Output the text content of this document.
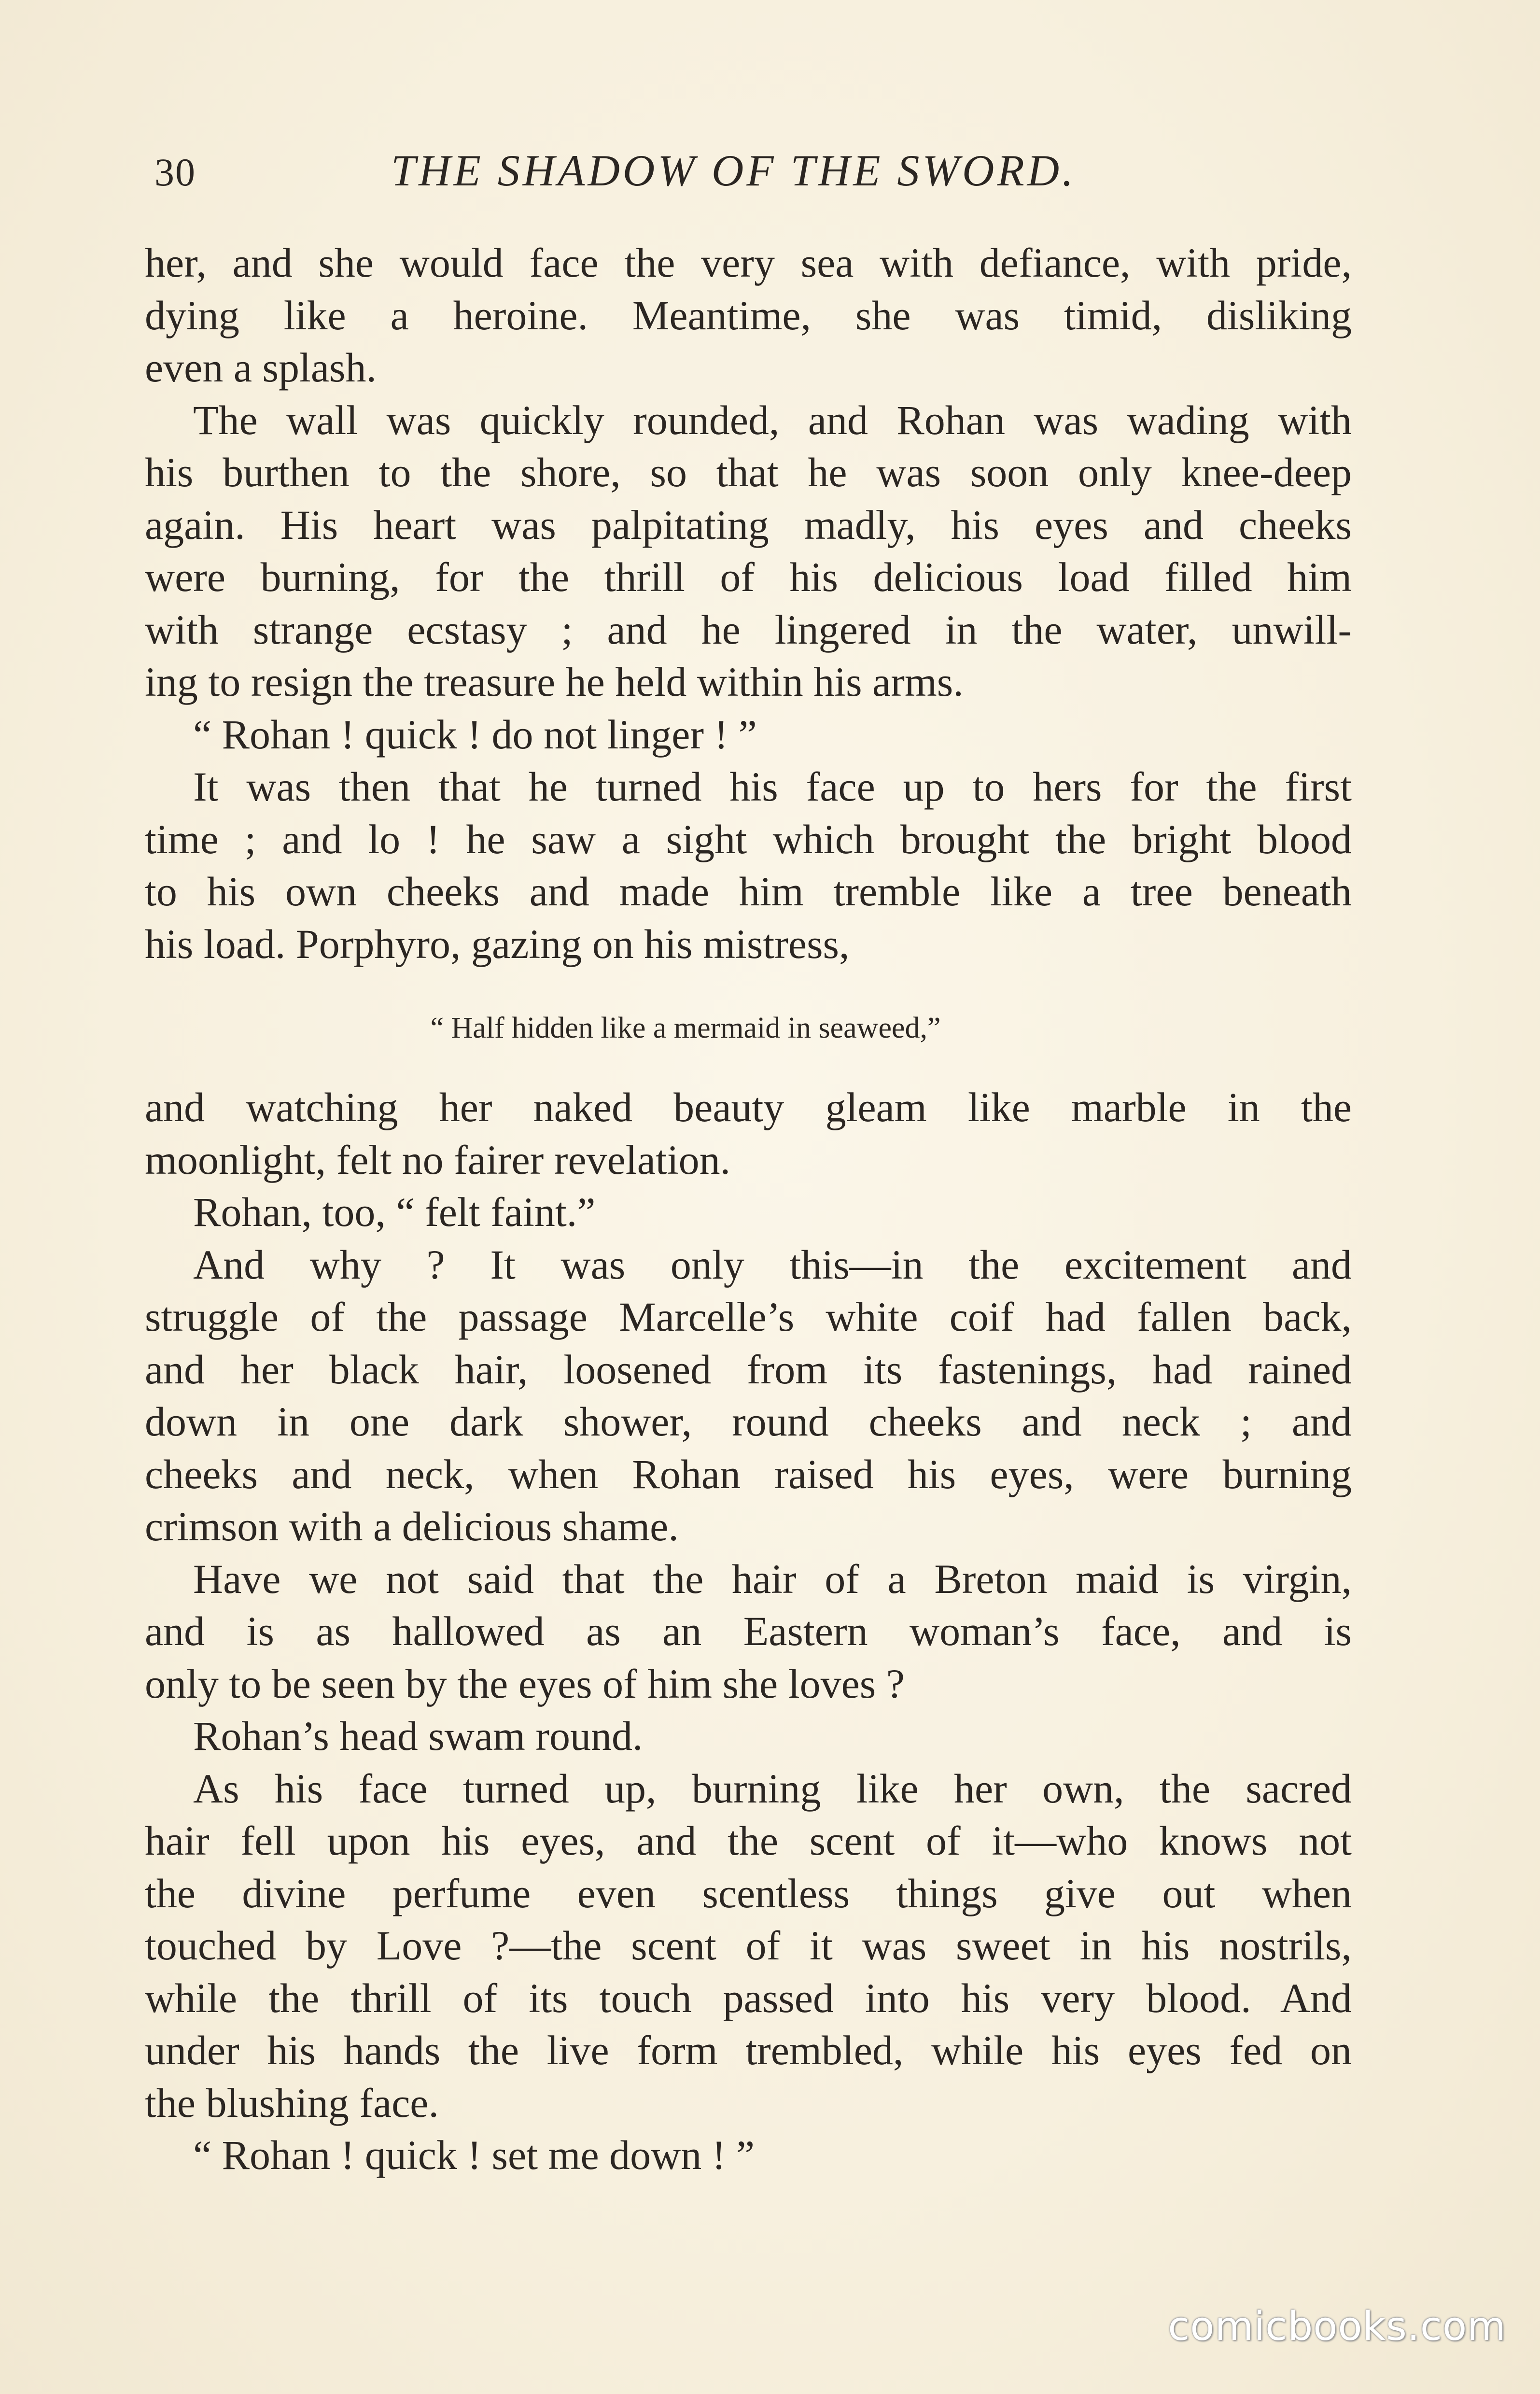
30	THE SHADOW OF THE SWORD.
her, and she would face the very sea with defiance, with pride,
dying like a heroine. Meantime, she was timid, disliking
even a splash.
The wall was quickly rounded, and Rohan was wading with
his burthen to the shore, so that he was soon only knee-deep
again. His heart was palpitating madly, his eyes and cheeks
were burning, for the thrill of his delicious load filled him
with strange ecstasy ; and he lingered in the water, unwill-
ing to resign the treasure he held within his arms.
“ Rohan ! quick ! do not linger ! ”
It was then that he turned his face up to hers for the first
time ; and lo ! he saw a sight which brought the bright blood
to his own cheeks and made him tremble like a tree beneath
his load. Porphyro, gazing on his mistress,
“ Half hidden like a mermaid in seaweed,”
and watching her naked beauty gleam like marble in the
moonlight, felt no fairer revelation.
Rohan, too, “ felt faint.”
And why ? It was only this—in the excitement and
struggle of the passage Marcelle’s white coif had fallen back,
and her black hair, loosened from its fastenings, had rained
down in one dark shower, round cheeks and neck ; and
cheeks and neck, when Rohan raised his eyes, were burning
crimson with a delicious shame.
Have we not said that the hair of a Breton maid is virgin,
and is as hallowed as an Eastern woman’s face, and is
only to be seen by the eyes of him she loves ?
Rohan’s head swam round.
As his face turned up, burning like her own, the sacred
hair fell upon his eyes, and the scent of it—who knows not
the divine perfume even scentless things give out when
touched by Love ?—the scent of it was sweet in his nostrils,
while the thrill of its touch passed into his very blood. And
under his hands the live form trembled, while his eyes fed on
the blushing face.
“ Rohan ! quick ! set me down ! ”
comicbooks.com
